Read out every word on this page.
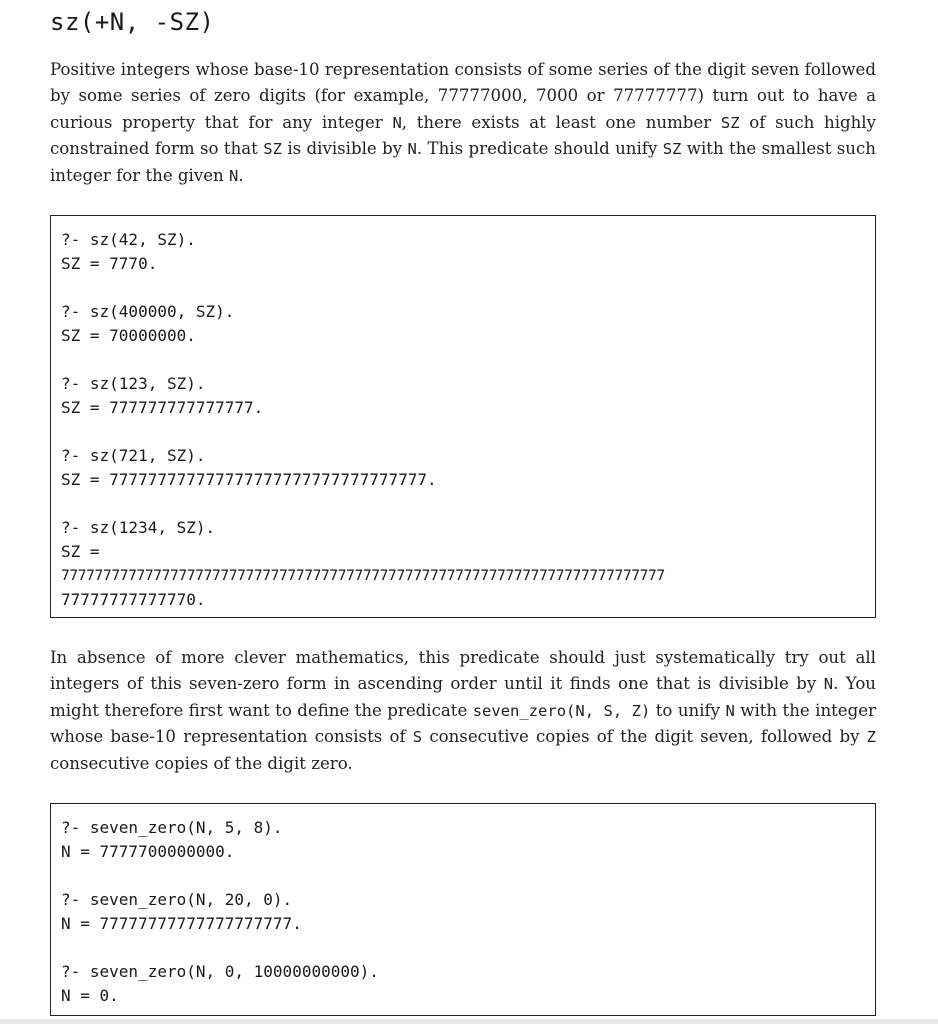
sz(+N, -SZ)

Positive integers whose base-10 representation consists of some series of the digit seven followed by some series of zero digits (for example, 77777000, 7000 or 77777777) turn out to have a curious property that for any integer N, there exists at least one number SZ of such highly constrained form so that SZ is divisible by N. This predicate should unify SZ with the smallest such integer for the given N.

?- sz(42, SZ).
SZ = 7770.
?- sz(400000, SZ).
SZ = 70000000.
?- sz(123, SZ).
SZ = 777777777777777.
?- sz(721, SZ).
SZ = 777777777777777777777777777777777.
?- sz(1234, SZ).
SZ =
777777777777777777777777777777777777777777777777777777777777777777777777
77777777777770.

In absence of more clever mathematics, this predicate should just systematically try out all integers of this seven-zero form in ascending order until it finds one that is divisible by N. You might therefore first want to define the predicate seven_zero(N, S, Z) to unify N with the integer whose base-10 representation consists of S consecutive copies of the digit seven, followed by Z consecutive copies of the digit zero.

?- seven_zero(N, 5, 8).
N = 7777700000000.
?- seven_zero(N, 20, 0).
N = 77777777777777777777.
?- seven_zero(N, 0, 10000000000).
N = 0.
